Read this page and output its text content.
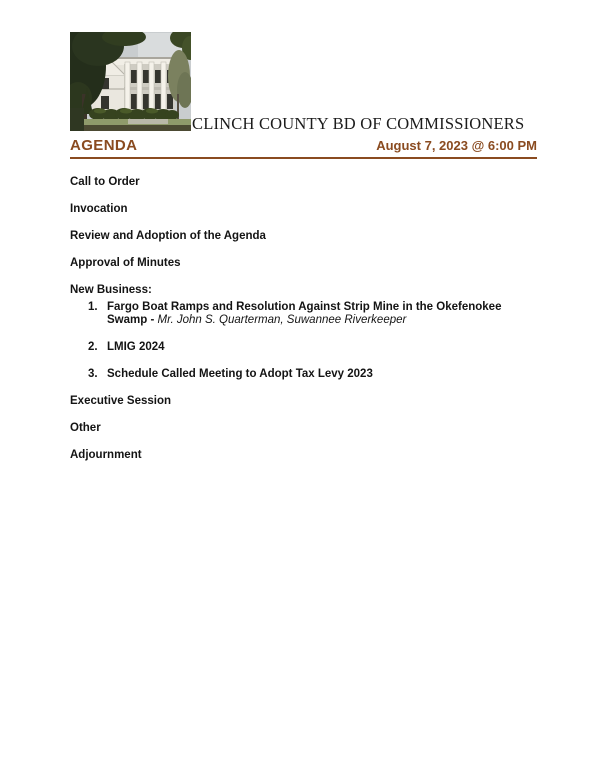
CLINCH COUNTY BD OF COMMISSIONERS
AGENDA	August 7, 2023 @ 6:00 PM

Call to Order

Invocation

Review and Adoption of the Agenda

Approval of Minutes

New Business:

1. Fargo Boat Ramps and Resolution Against Strip Mine in the Okefenokee Swamp - Mr. John S. Quarterman, Suwannee Riverkeeper
2. LMIG 2024
3. Schedule Called Meeting to Adopt Tax Levy 2023

Executive Session

Other

Adjournment
